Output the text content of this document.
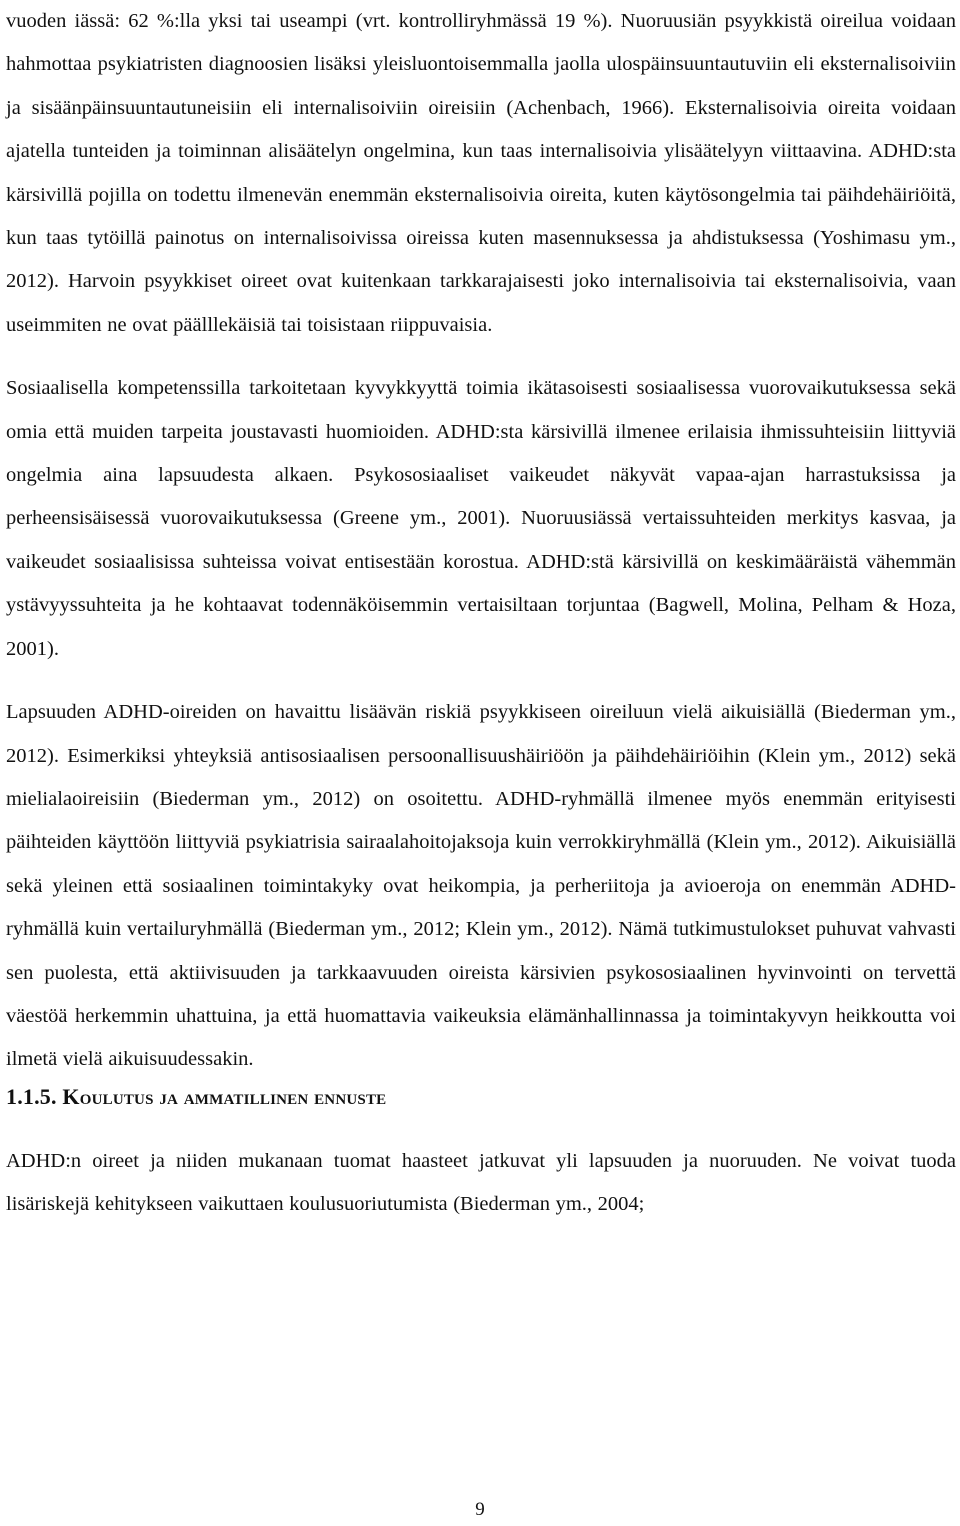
vuoden iässä: 62 %:lla yksi tai useampi (vrt. kontrolliryhmässä 19 %). Nuoruusiän psyykkistä oireilua voidaan hahmottaa psykiatristen diagnoosien lisäksi yleisluontoisemmalla jaolla ulospäinsuuntautuviin eli eksternalisoiviin ja sisäänpäinsuuntautuneisiin eli internalisoiviin oireisiin (Achenbach, 1966). Eksternalisoivia oireita voidaan ajatella tunteiden ja toiminnan alisäätelyn ongelmina, kun taas internalisoivia ylisäätelyyn viittaavina. ADHD:sta kärsivillä pojilla on todettu ilmenevän enemmän eksternalisoivia oireita, kuten käytösongelmia tai päihdehäiriöitä, kun taas tytöillä painotus on internalisoivissa oireissa kuten masennuksessa ja ahdistuksessa (Yoshimasu ym., 2012). Harvoin psyykkiset oireet ovat kuitenkaan tarkkarajaisesti joko internalisoivia tai eksternalisoivia, vaan useimmiten ne ovat päälllekäisiä tai toisistaan riippuvaisia.

Sosiaalisella kompetenssilla tarkoitetaan kyvykkyyttä toimia ikätasoisesti sosiaalisessa vuorovaikutuksessa sekä omia että muiden tarpeita joustavasti huomioiden. ADHD:sta kärsivillä ilmenee erilaisia ihmissuhteisiin liittyviä ongelmia aina lapsuudesta alkaen. Psykososiaaliset vaikeudet näkyvät vapaa-ajan harrastuksissa ja perheensisäisessä vuorovaikutuksessa (Greene ym., 2001). Nuoruusiässä vertaissuhteiden merkitys kasvaa, ja vaikeudet sosiaalisissa suhteissa voivat entisestään korostua. ADHD:stä kärsivillä on keskimääräistä vähemmän ystävyyssuhteita ja he kohtaavat todennäköisemmin vertaisiltaan torjuntaa (Bagwell, Molina, Pelham & Hoza, 2001).

Lapsuuden ADHD-oireiden on havaittu lisäävän riskiä psyykkiseen oireiluun vielä aikuisiällä (Biederman ym., 2012). Esimerkiksi yhteyksiä antisosiaalisen persoonallisuushäiriöön ja päihdehäiriöihin (Klein ym., 2012) sekä mielialaoireisiin (Biederman ym., 2012) on osoitettu. ADHD-ryhmällä ilmenee myös enemmän erityisesti päihteiden käyttöön liittyviä psykiatrisia sairaalahoitojaksoja kuin verrokkiryhmällä (Klein ym., 2012). Aikuisiällä sekä yleinen että sosiaalinen toimintakyky ovat heikompia, ja perheriitoja ja avioeroja on enemmän ADHD-ryhmällä kuin vertailuryhmällä (Biederman ym., 2012; Klein ym., 2012). Nämä tutkimustulokset puhuvat vahvasti sen puolesta, että aktiivisuuden ja tarkkaavuuden oireista kärsivien psykososiaalinen hyvinvointi on tervettä väestöä herkemmin uhattuina, ja että huomattavia vaikeuksia elämänhallinnassa ja toimintakyvyn heikkoutta voi ilmetä vielä aikuisuudessakin.

1.1.5. Koulutus ja ammatillinen ennuste

ADHD:n oireet ja niiden mukanaan tuomat haasteet jatkuvat yli lapsuuden ja nuoruuden. Ne voivat tuoda lisäriskejä kehitykseen vaikuttaen koulusuoriutumista (Biederman ym., 2004;

9
